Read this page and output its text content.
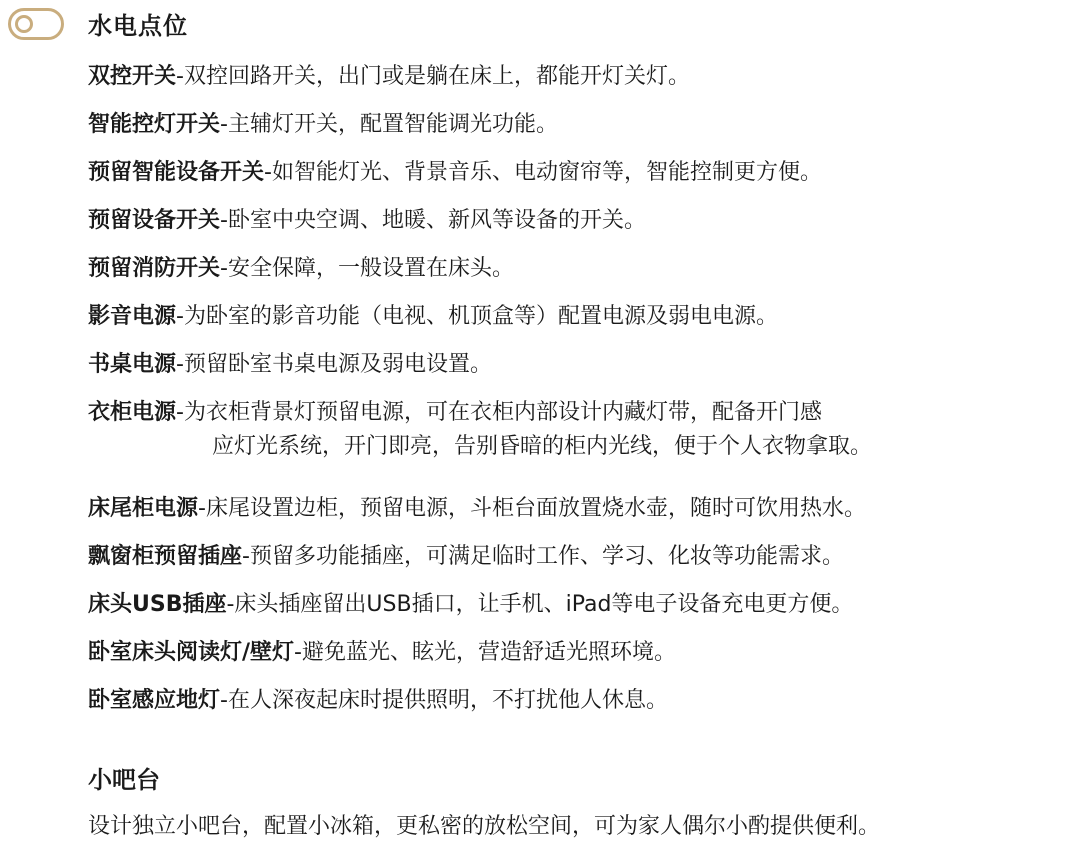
水电点位
双控开关-双控回路开关，出门或是躺在床上，都能开灯关灯。
智能控灯开关-主辅灯开关，配置智能调光功能。
预留智能设备开关-如智能灯光、背景音乐、电动窗帘等，智能控制更方便。
预留设备开关-卧室中央空调、地暖、新风等设备的开关。
预留消防开关-安全保障，一般设置在床头。
影音电源-为卧室的影音功能（电视、机顶盒等）配置电源及弱电电源。
书桌电源-预留卧室书桌电源及弱电设置。
衣柜电源-为衣柜背景灯预留电源，可在衣柜内部设计内藏灯带，配备开门感
应灯光系统，开门即亮，告别昏暗的柜内光线，便于个人衣物拿取。
床尾柜电源-床尾设置边柜，预留电源，斗柜台面放置烧水壶，随时可饮用热水。
飘窗柜预留插座-预留多功能插座，可满足临时工作、学习、化妆等功能需求。
床头USB插座-床头插座留出USB插口，让手机、iPad等电子设备充电更方便。
卧室床头阅读灯/壁灯-避免蓝光、眩光，营造舒适光照环境。
卧室感应地灯-在人深夜起床时提供照明，不打扰他人休息。
小吧台
设计独立小吧台，配置小冰箱，更私密的放松空间，可为家人偶尔小酌提供便利。
